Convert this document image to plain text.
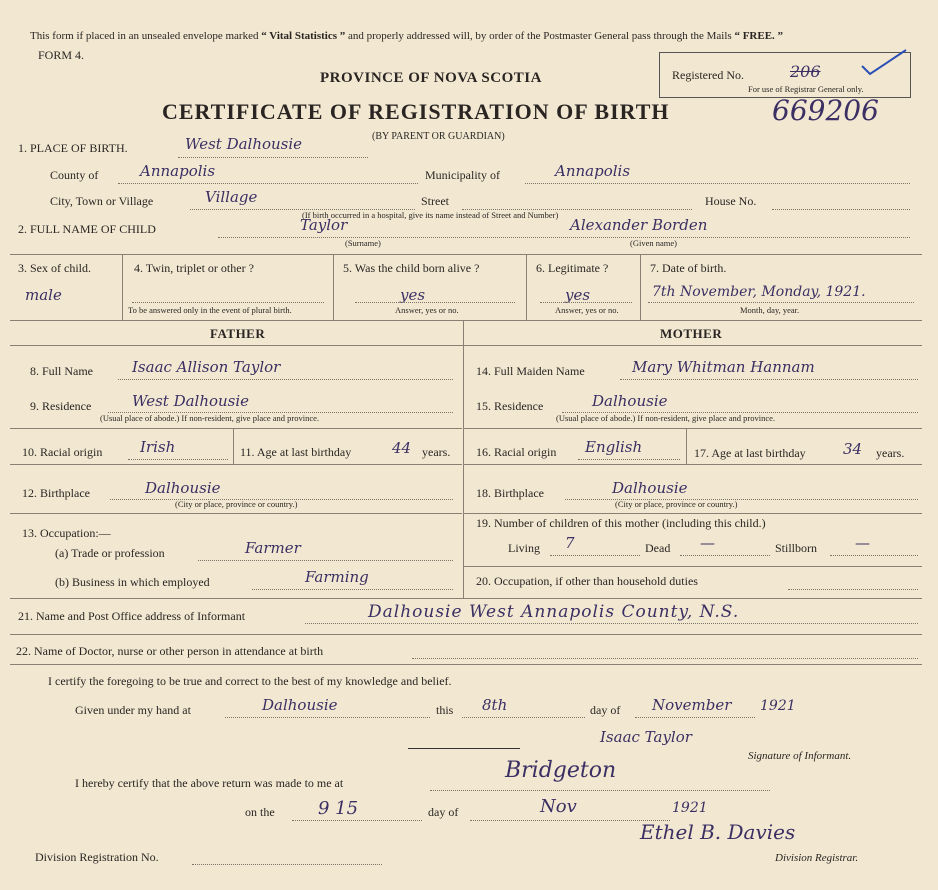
This form if placed in an unsealed envelope marked “ Vital Statistics ” and properly addressed will, by order of the Postmaster General pass through the Mails “ FREE. ”
FORM 4.
PROVINCE OF NOVA SCOTIA
CERTIFICATE OF REGISTRATION OF BIRTH
(BY PARENT OR GUARDIAN)
Registered No.	206
For use of Registrar General only.
669206
1. PLACE OF BIRTH.	West Dalhousie
County of	Annapolis	Municipality of	Annapolis
City, Town or Village	Village	Street	House No.
(If birth occurred in a hospital, give its name instead of Street and Number)
2. FULL NAME OF CHILD	Taylor	Alexander Borden
(Surname)	(Given name)
3. Sex of child.
male
4. Twin, triplet or other ?
To be answered only in the event of plural birth.
5. Was the child born alive ?
yes
Answer, yes or no.
6. Legitimate ?
yes
Answer, yes or no.
7. Date of birth.
7th November, Monday, 1921.
Month, day, year.
FATHER	MOTHER
8. Full Name	Isaac Allison Taylor
9. Residence	West Dalhousie
(Usual place of abode.) If non-resident, give place and province.
10. Racial origin	Irish	11. Age at last birthday	44 years.
12. Birthplace	Dalhousie
(City or place, province or country.)
13. Occupation:—
(a) Trade or profession	Farmer
(b) Business in which employed	Farming
14. Full Maiden Name	Mary Whitman Hannam
15. Residence	Dalhousie
(Usual place of abode.) If non-resident, give place and province.
16. Racial origin English	17. Age at last birthday 34 years.
18. Birthplace	Dalhousie
(City or place, province or country.)
19. Number of children of this mother (including this child.)
Living 7	Dead —	Stillborn	—
20. Occupation, if other than household duties
21. Name and Post Office address of Informant	Dalhousie West Annapolis County, N.S.
22. Name of Doctor, nurse or other person in attendance at birth
I certify the foregoing to be true and correct to the best of my knowledge and belief.
Given under my hand at	Dalhousie	this 8th	day of November 1921
Isaac Taylor
Signature of Informant.
I hereby certify that the above return was made to me at	Bridgeton
on the 9 15	day of	Nov	1921
Ethel B. Davies
Division Registrar.
Division Registration No.
